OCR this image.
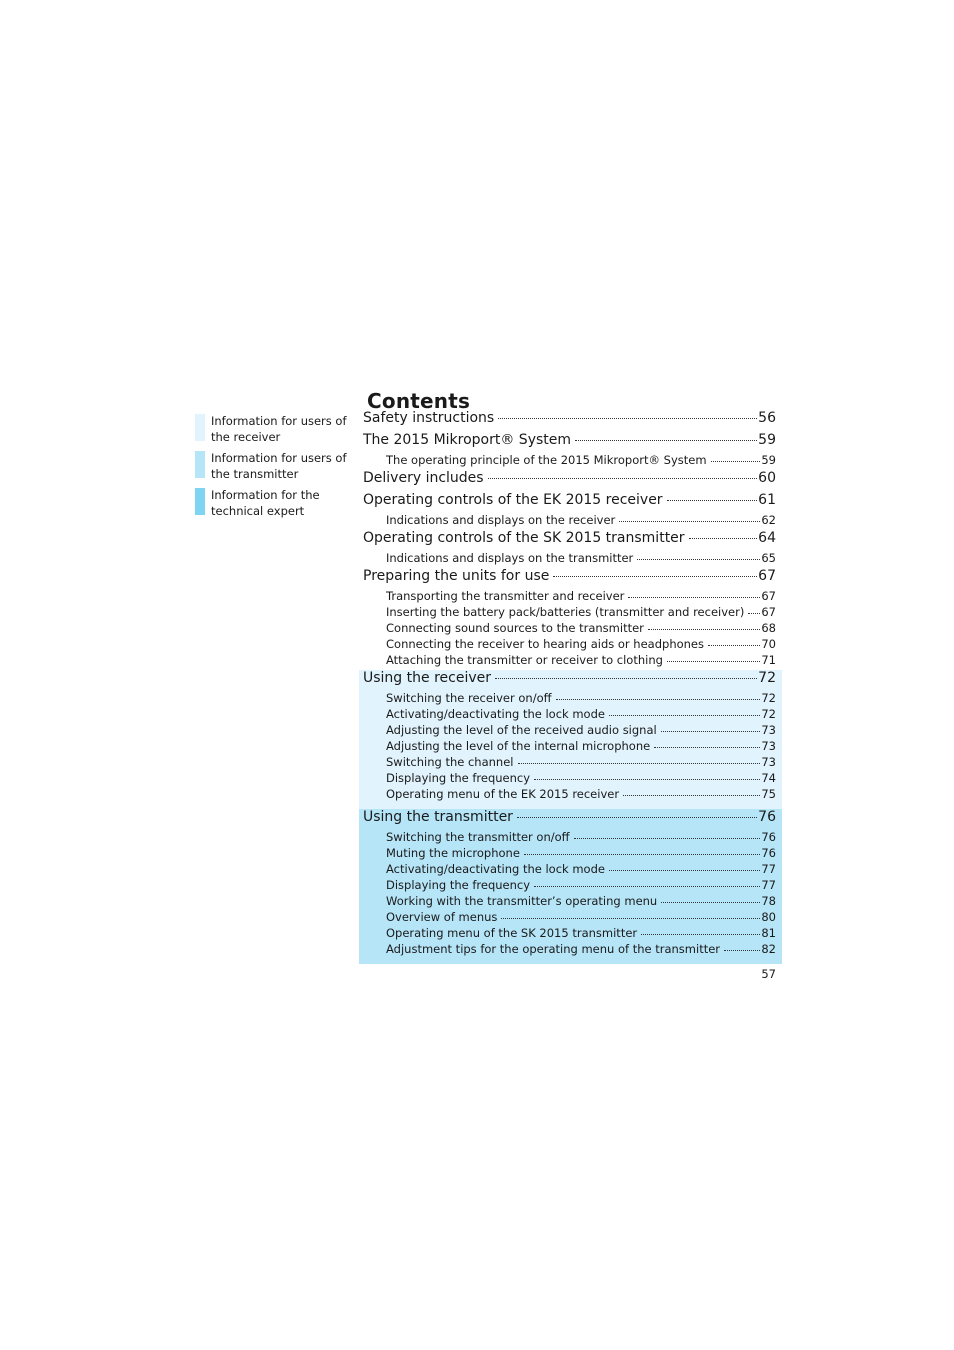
Contents
Information for users of the receiver
Information for users of the transmitter
Information for the technical expert
Safety instructions	56
The 2015 Mikroport® System	59
The operating principle of the 2015 Mikroport® System	59
Delivery includes	60
Operating controls of the EK 2015 receiver	61
Indications and displays on the receiver	62
Operating controls of the SK 2015 transmitter	64
Indications and displays on the transmitter	65
Preparing the units for use	67
Transporting the transmitter and receiver	67
Inserting the battery pack/batteries (transmitter and receiver) 67
Connecting sound sources to the transmitter	68
Connecting the receiver to hearing aids or headphones	70
Attaching the transmitter or receiver to clothing	71
Using the receiver	72
Switching the receiver on/off	72
Activating/deactivating the lock mode	72
Adjusting the level of the received audio signal	73
Adjusting the level of the internal microphone	73
Switching the channel	73
Displaying the frequency	74
Operating menu of the EK 2015 receiver	75
Using the transmitter	76
Switching the transmitter on/off	76
Muting the microphone	76
Activating/deactivating the lock mode	77
Displaying the frequency	77
Working with the transmitter’s operating menu	78
Overview of menus	80
Operating menu of the SK 2015 transmitter	81
Adjustment tips for the operating menu of the transmitter	82
57
